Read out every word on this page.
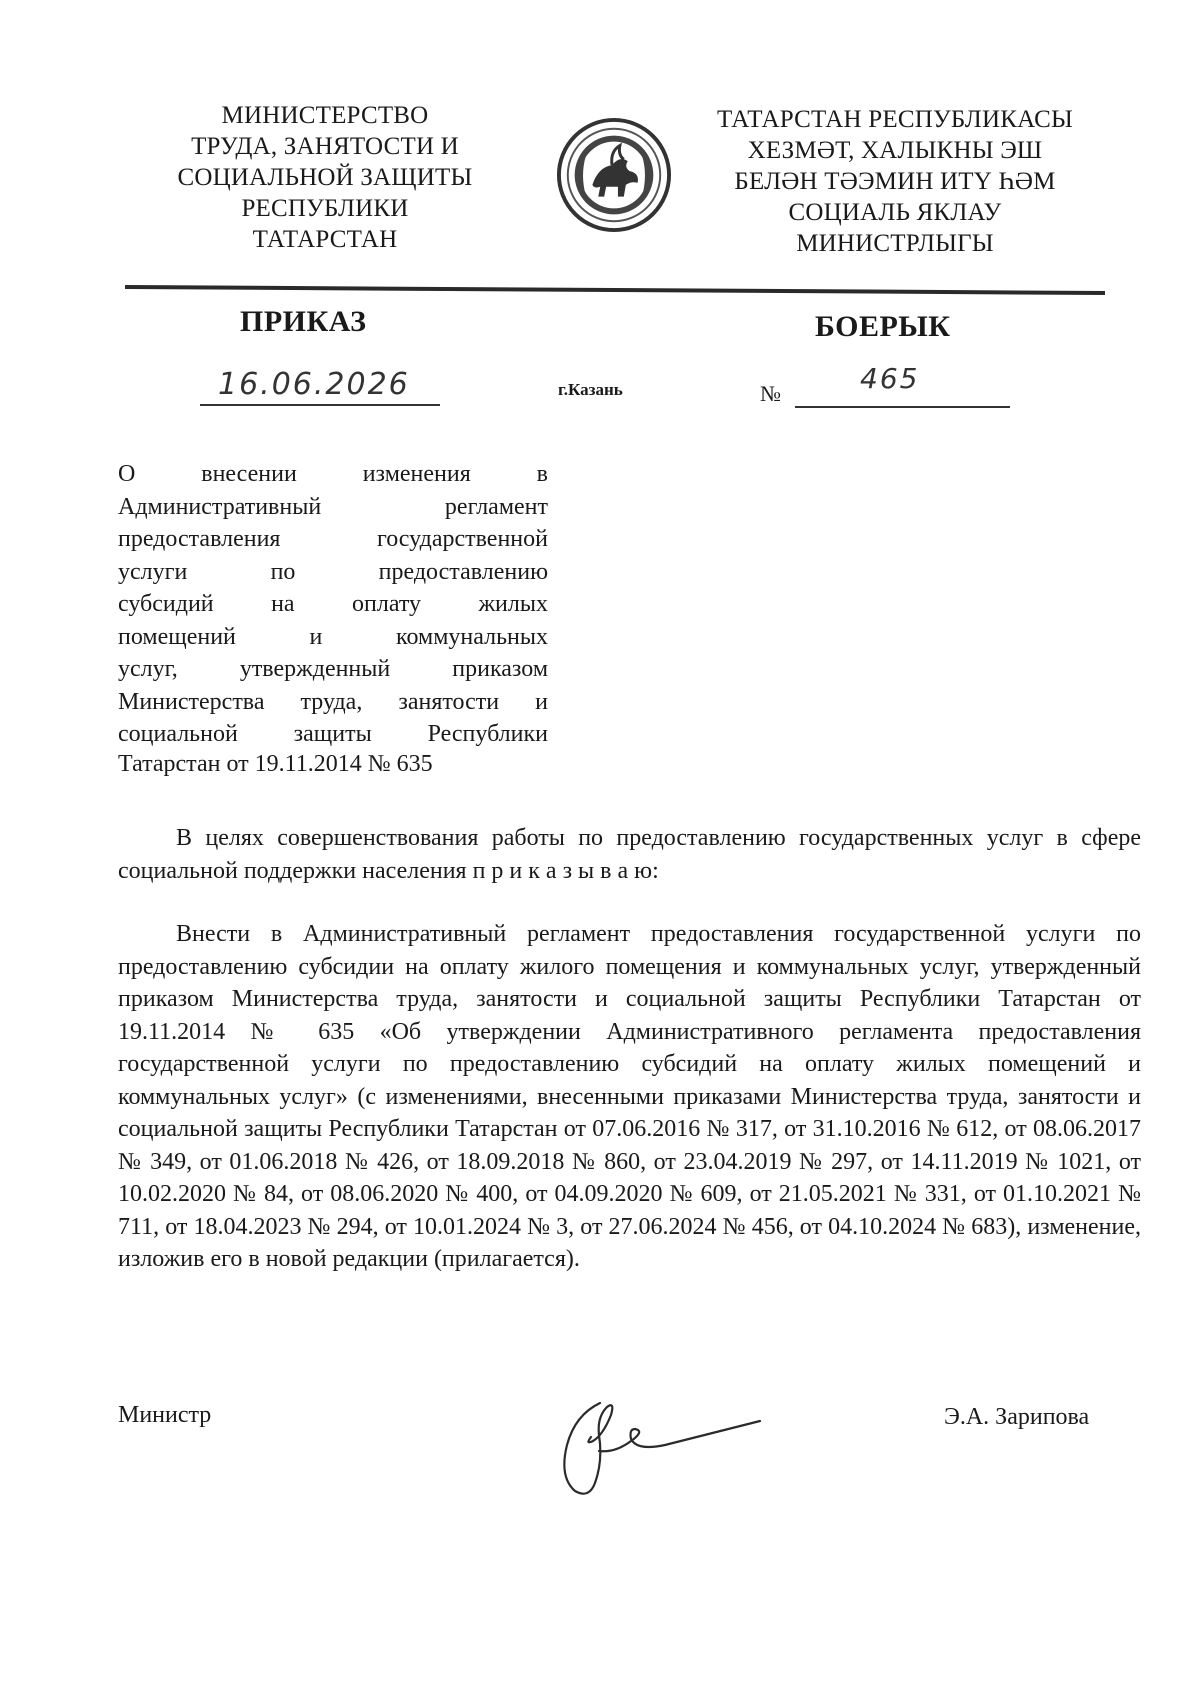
МИНИСТЕРСТВО
ТРУДА, ЗАНЯТОСТИ И
СОЦИАЛЬНОЙ ЗАЩИТЫ
РЕСПУБЛИКИ
ТАТАРСТАН
ТАТАРСТАН РЕСПУБЛИКАСЫ
ХЕЗМӘТ, ХАЛЫКНЫ ЭШ
БЕЛӘН ТӘЭМИН ИТҮ ҺӘМ
СОЦИАЛЬ ЯКЛАУ
МИНИСТРЛЫГЫ
ПРИКАЗ	БОЕРЫК
16.06.2026	г.Казань	№	465
О внесении изменения в
Административный регламент
предоставления государственной
услуги по предоставлению
субсидий на оплату жилых
помещений и коммунальных
услуг, утвержденный приказом
Министерства труда, занятости и
социальной защиты Республики
Татарстан от 19.11.2014 № 635
В целях совершенствования работы по предоставлению государственных услуг в сфере социальной поддержки населения п р и к а з ы в а ю:
Внести в Административный регламент предоставления государственной услуги по предоставлению субсидии на оплату жилого помещения и коммунальных услуг, утвержденный приказом Министерства труда, занятости и социальной защиты Республики Татарстан от 19.11.2014 № 635 «Об утверждении Административного регламента предоставления государственной услуги по предоставлению субсидий на оплату жилых помещений и коммунальных услуг» (с изменениями, внесенными приказами Министерства труда, занятости и социальной защиты Республики Татарстан от 07.06.2016 № 317, от 31.10.2016 № 612, от 08.06.2017 № 349, от 01.06.2018 № 426, от 18.09.2018 № 860, от 23.04.2019 № 297, от 14.11.2019 № 1021, от 10.02.2020 № 84, от 08.06.2020 № 400, от 04.09.2020 № 609, от 21.05.2021 № 331, от 01.10.2021 № 711, от 18.04.2023 № 294, от 10.01.2024 № 3, от 27.06.2024 № 456, от 04.10.2024 № 683), изменение, изложив его в новой редакции (прилагается).
Министр	Э.А. Зарипова
